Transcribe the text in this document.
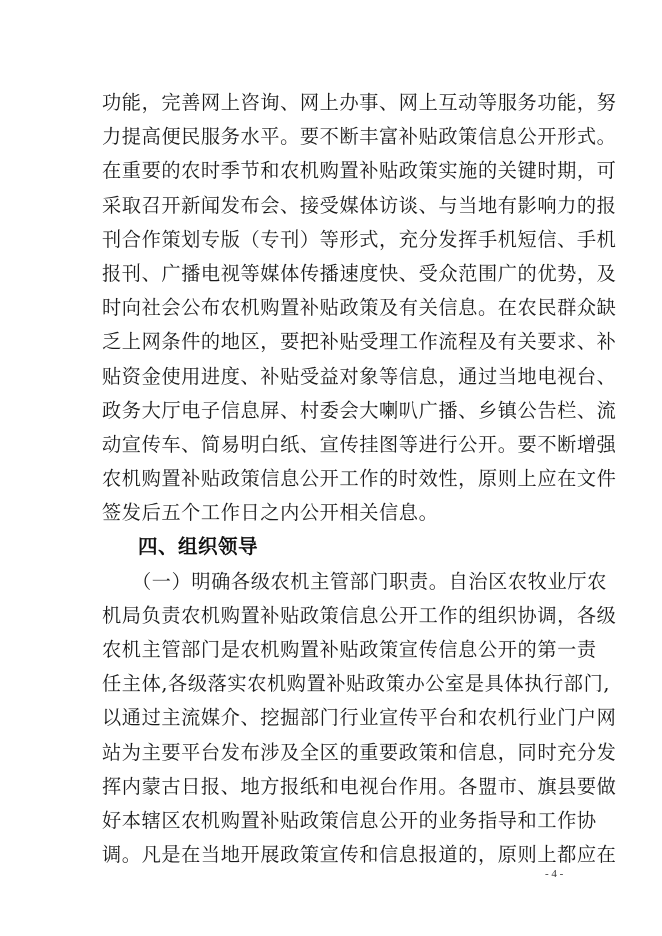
功能，完善网上咨询、网上办事、网上互动等服务功能，努
力提高便民服务水平。要不断丰富补贴政策信息公开形式。
在重要的农时季节和农机购置补贴政策实施的关键时期，可
采取召开新闻发布会、接受媒体访谈、与当地有影响力的报
刊合作策划专版（专刊）等形式，充分发挥手机短信、手机
报刊、广播电视等媒体传播速度快、受众范围广的优势，及
时向社会公布农机购置补贴政策及有关信息。在农民群众缺
乏上网条件的地区，要把补贴受理工作流程及有关要求、补
贴资金使用进度、补贴受益对象等信息，通过当地电视台、
政务大厅电子信息屏、村委会大喇叭广播、乡镇公告栏、流
动宣传车、简易明白纸、宣传挂图等进行公开。要不断增强
农机购置补贴政策信息公开工作的时效性，原则上应在文件
签发后五个工作日之内公开相关信息。
四、组织领导
（一）明确各级农机主管部门职责。自治区农牧业厅农
机局负责农机购置补贴政策信息公开工作的组织协调，各级
农机主管部门是农机购置补贴政策宣传信息公开的第一责
任主体,各级落实农机购置补贴政策办公室是具体执行部门,
以通过主流媒介、挖掘部门行业宣传平台和农机行业门户网
站为主要平台发布涉及全区的重要政策和信息，同时充分发
挥内蒙古日报、地方报纸和电视台作用。各盟市、旗县要做
好本辖区农机购置补贴政策信息公开的业务指导和工作协
调。凡是在当地开展政策宣传和信息报道的，原则上都应在
- 4 -
